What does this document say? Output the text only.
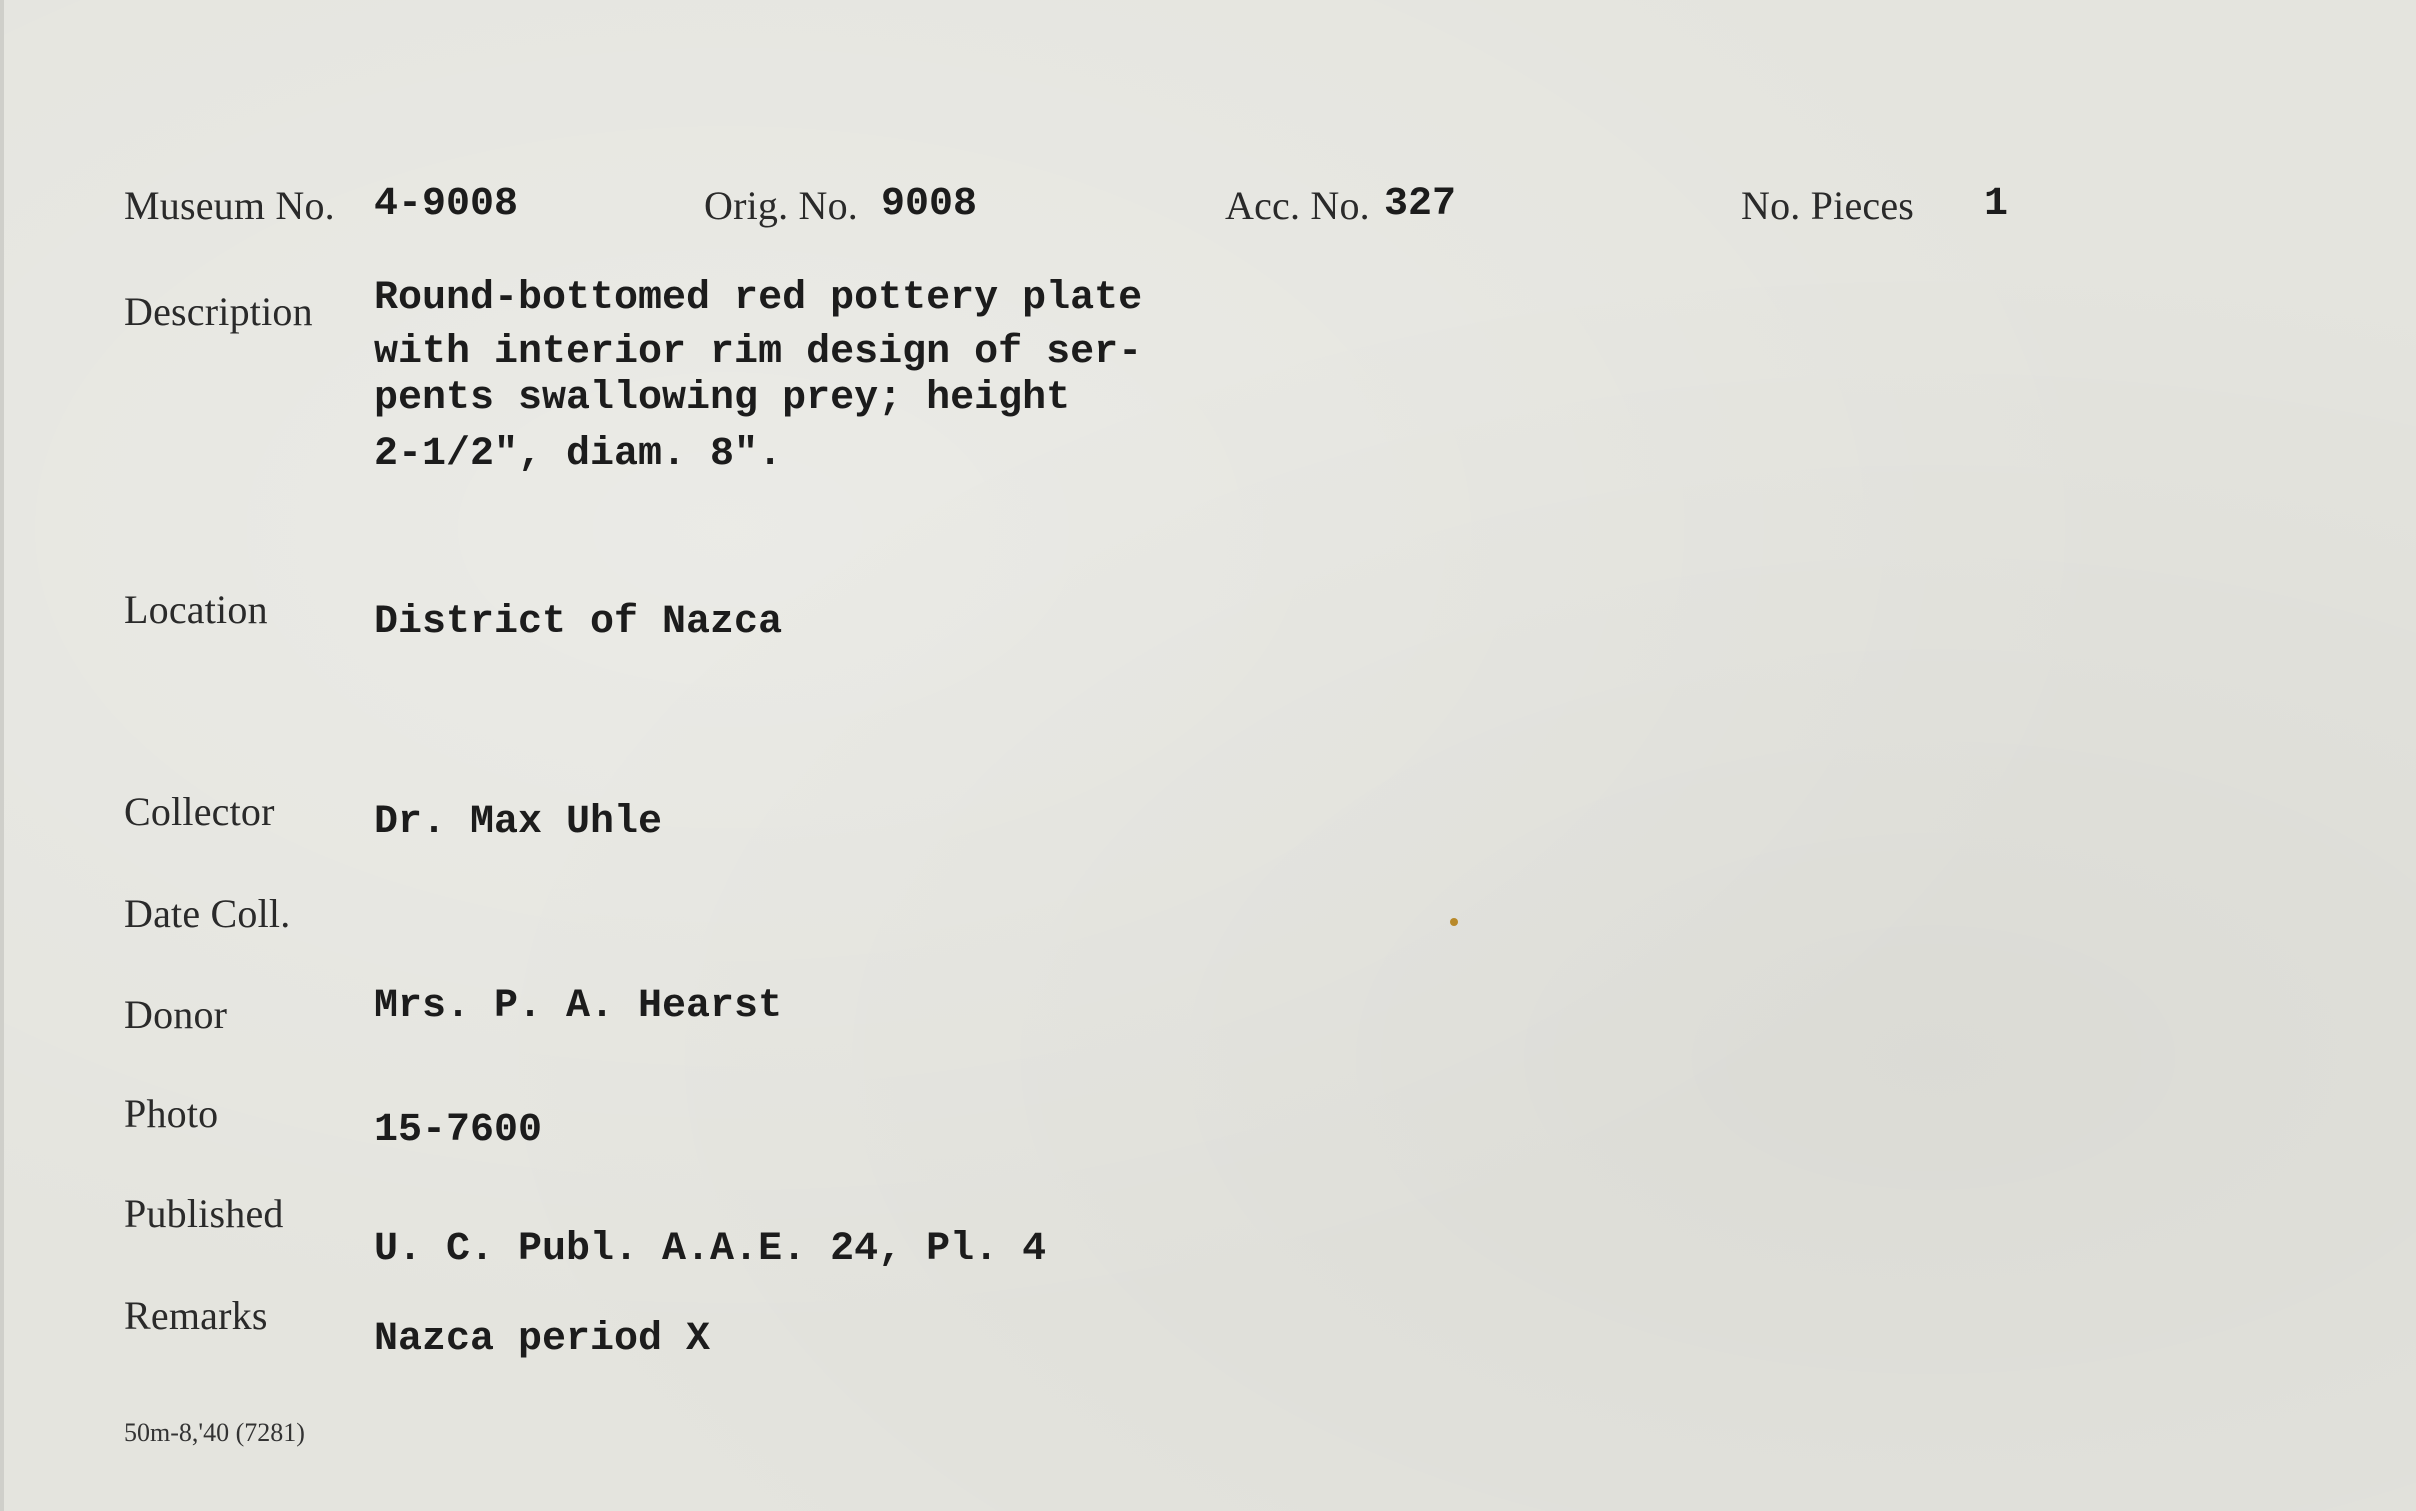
Museum No. 4-9008	Orig. No. 9008	Acc. No. 327	No. Pieces 1
Description Round-bottomed red pottery plate
with interior rim design of ser-
pents swallowing prey; height
2-1/2", diam. 8".
Location	District of Nazca
Collector Dr. Max Uhle
Date Coll.
Donor	Mrs. P. A. Hearst
Photo	15-7600
Published
U. C. Publ. A.A.E. 24, Pl. 4
Remarks
Nazca period X
50m-8,'40 (7281)
